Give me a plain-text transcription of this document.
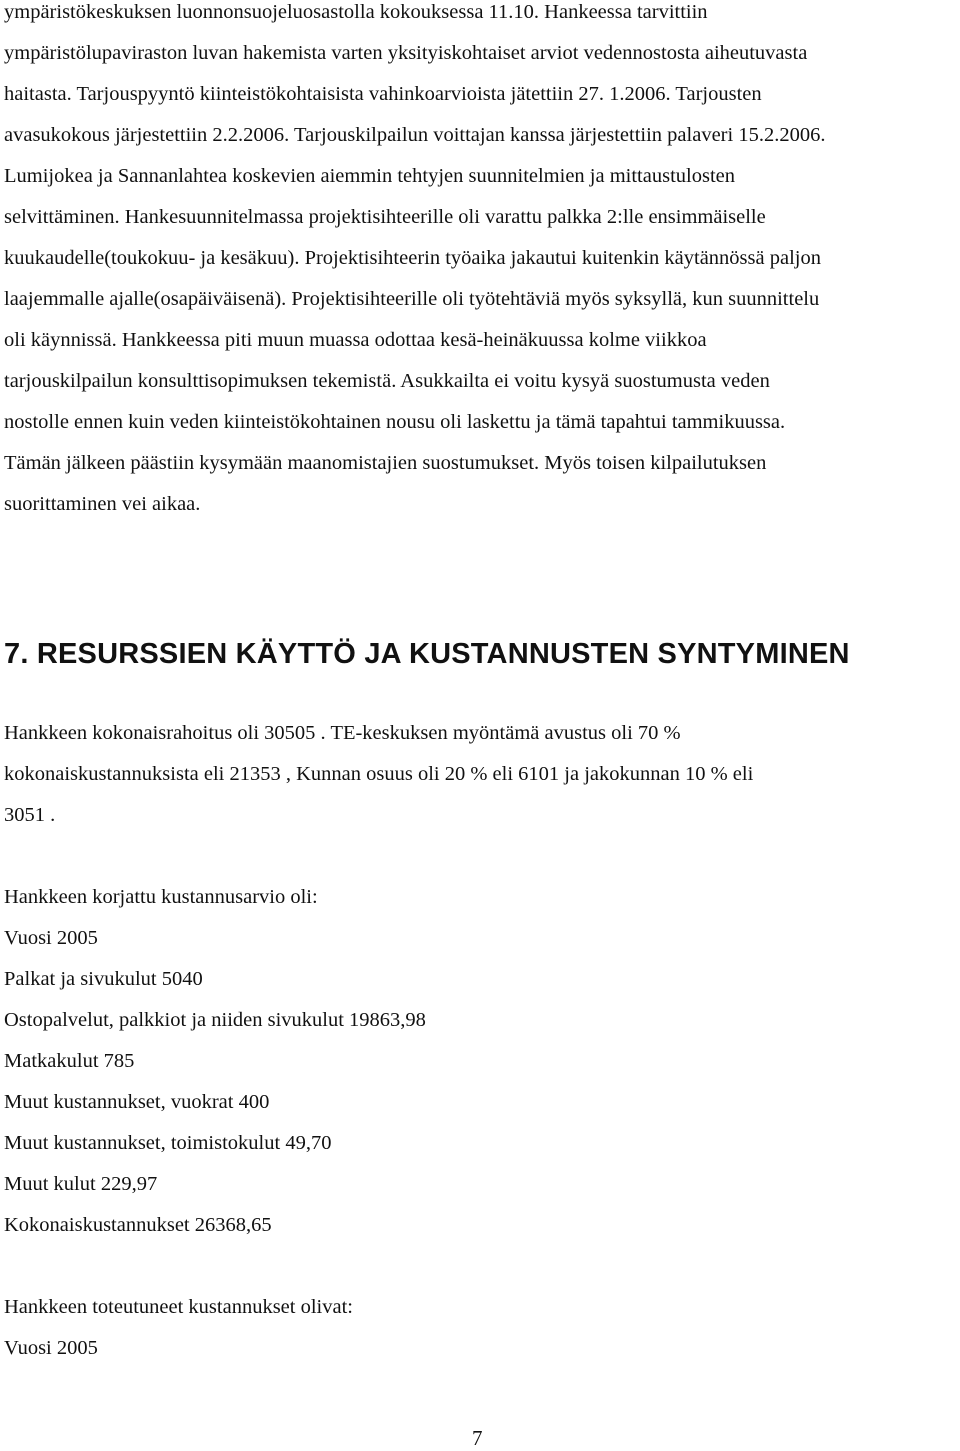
ympäristökeskuksen luonnonsuojeluosastolla kokouksessa 11.10. Hankeessa tarvittiin

ympäristölupaviraston luvan hakemista varten yksityiskohtaiset arviot vedennostosta aiheutuvasta

haitasta. Tarjouspyyntö kiinteistökohtaisista vahinkoarvioista jätettiin 27. 1.2006. Tarjousten

avasukokous järjestettiin 2.2.2006. Tarjouskilpailun voittajan kanssa järjestettiin palaveri 15.2.2006.

Lumijokea ja Sannanlahtea koskevien aiemmin tehtyjen suunnitelmien ja mittaustulosten

selvittäminen. Hankesuunnitelmassa projektisihteerille oli varattu palkka 2:lle ensimmäiselle

kuukaudelle(toukokuu- ja kesäkuu). Projektisihteerin työaika jakautui kuitenkin käytännössä paljon

laajemmalle ajalle(osapäiväisenä). Projektisihteerille oli työtehtäviä myös syksyllä, kun suunnittelu

oli käynnissä. Hankkeessa piti muun muassa odottaa kesä-heinäkuussa kolme viikkoa

tarjouskilpailun konsulttisopimuksen tekemistä. Asukkailta ei voitu kysyä suostumusta veden

nostolle ennen kuin veden kiinteistökohtainen nousu oli laskettu ja tämä tapahtui tammikuussa.

Tämän jälkeen päästiin kysymään maanomistajien suostumukset. Myös toisen kilpailutuksen

suorittaminen vei aikaa.

7. RESURSSIEN KÄYTTÖ JA KUSTANNUSTEN SYNTYMINEN

Hankkeen kokonaisrahoitus oli 30505 . TE-keskuksen myöntämä avustus oli 70 %

kokonaiskustannuksista eli 21353 , Kunnan osuus oli 20 % eli 6101 ja jakokunnan 10 % eli

3051 .

Hankkeen korjattu kustannusarvio oli:

Vuosi 2005

Palkat ja sivukulut 5040

Ostopalvelut, palkkiot ja niiden sivukulut 19863,98

Matkakulut 785

Muut kustannukset, vuokrat 400

Muut kustannukset, toimistokulut 49,70

Muut kulut 229,97

Kokonaiskustannukset 26368,65

Hankkeen toteutuneet kustannukset olivat:

Vuosi 2005

7
